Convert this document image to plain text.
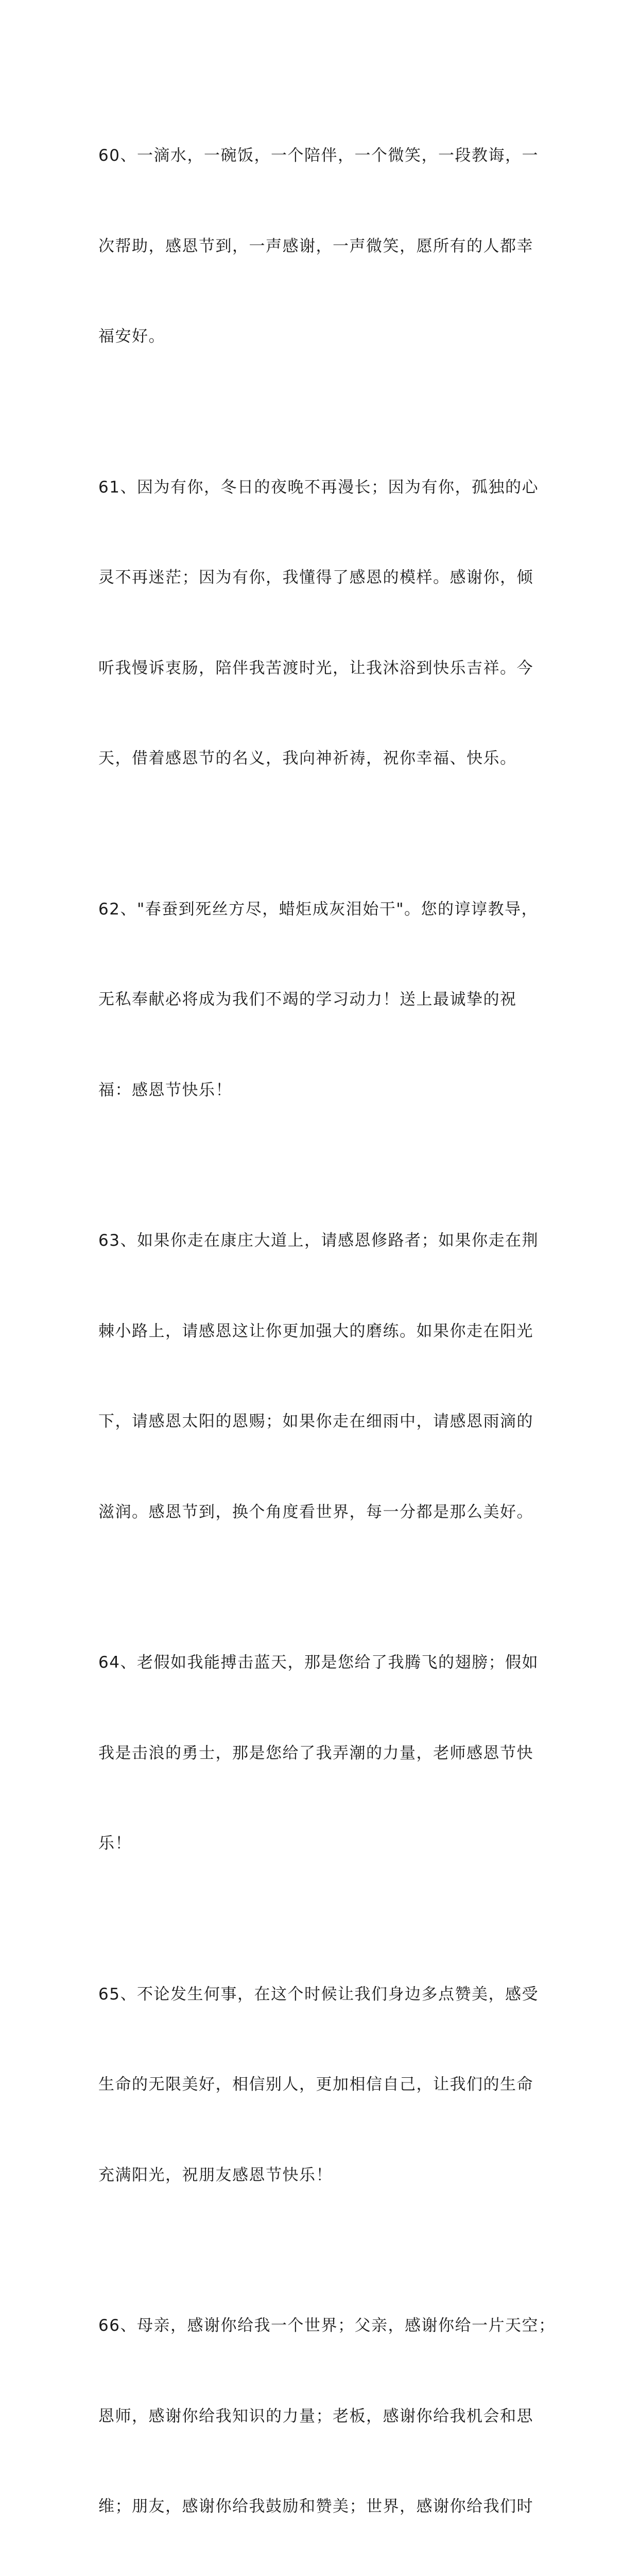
60、一滴水，一碗饭，一个陪伴，一个微笑，一段教诲，一

次帮助，感恩节到，一声感谢，一声微笑，愿所有的人都幸

福安好。

61、因为有你，冬日的夜晚不再漫长；因为有你，孤独的心

灵不再迷茫；因为有你，我懂得了感恩的模样。感谢你，倾

听我慢诉衷肠，陪伴我苦渡时光，让我沐浴到快乐吉祥。今

天，借着感恩节的名义，我向神祈祷，祝你幸福、快乐。

62、"春蚕到死丝方尽，蜡炬成灰泪始干"。您的谆谆教导，

无私奉献必将成为我们不竭的学习动力！送上最诚挚的祝

福：感恩节快乐！

63、如果你走在康庄大道上，请感恩修路者；如果你走在荆

棘小路上，请感恩这让你更加强大的磨练。如果你走在阳光

下，请感恩太阳的恩赐；如果你走在细雨中，请感恩雨滴的

滋润。感恩节到，换个角度看世界，每一分都是那么美好。

64、老假如我能搏击蓝天，那是您给了我腾飞的翅膀；假如

我是击浪的勇士，那是您给了我弄潮的力量，老师感恩节快

乐！

65、不论发生何事，在这个时候让我们身边多点赞美，感受

生命的无限美好，相信别人，更加相信自己，让我们的生命

充满阳光，祝朋友感恩节快乐！

66、母亲，感谢你给我一个世界；父亲，感谢你给一片天空；

恩师，感谢你给我知识的力量；老板，感谢你给我机会和思

维；朋友，感谢你给我鼓励和赞美；世界，感谢你给我们时
